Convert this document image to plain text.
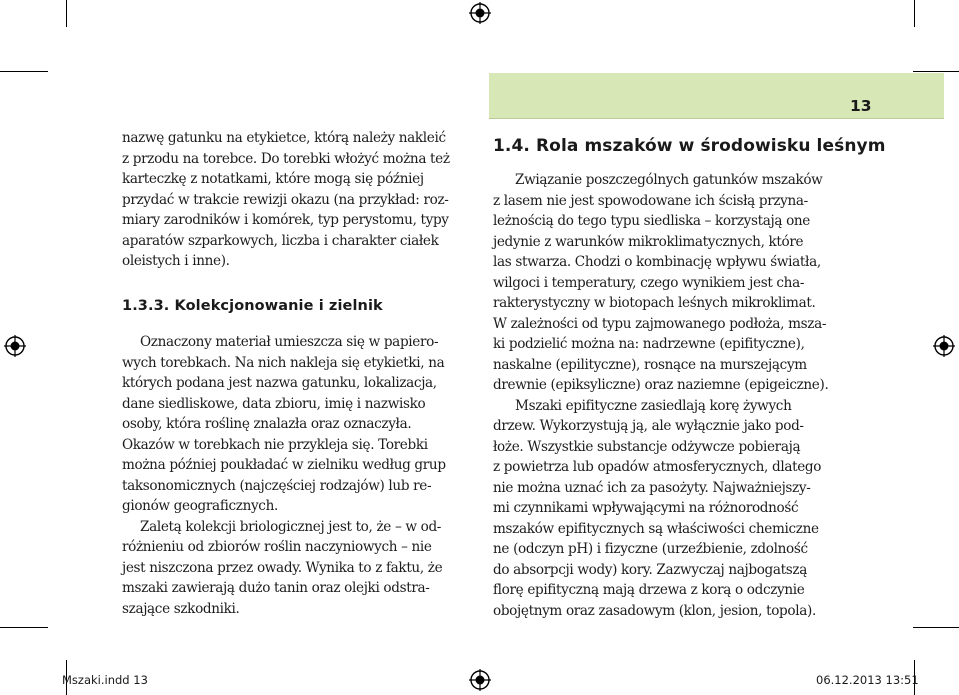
13

nazwę gatunku na etykietce, którą należy nakleić

z przodu na torebce. Do torebki włożyć można też

karteczkę z notatkami, które mogą się później

przydać w trakcie rewizji okazu (na przykład: roz-

miary zarodników i komórek, typ perystomu, typy

aparatów szparkowych, liczba i charakter ciałek

oleistych i inne).

1.3.3. Kolekcjonowanie i zielnik

Oznaczony materiał umieszcza się w papiero-

wych torebkach. Na nich nakleja się etykietki, na

których podana jest nazwa gatunku, lokalizacja,

dane siedliskowe, data zbioru, imię i nazwisko

osoby, która roślinę znalazła oraz oznaczyła.

Okazów w torebkach nie przykleja się. Torebki

można później poukładać w zielniku według grup

taksonomicznych (najczęściej rodzajów) lub re-

gionów geograficznych.

Zaletą kolekcji briologicznej jest to, że – w od-

różnieniu od zbiorów roślin naczyniowych – nie

jest niszczona przez owady. Wynika to z faktu, że

mszaki zawierają dużo tanin oraz olejki odstra-

szające szkodniki.

1.4. Rola mszaków w środowisku leśnym

Związanie poszczególnych gatunków mszaków

z lasem nie jest spowodowane ich ścisłą przyna-

leżnością do tego typu siedliska – korzystają one

jedynie z warunków mikroklimatycznych, które

las stwarza. Chodzi o kombinację wpływu światła,

wilgoci i temperatury, czego wynikiem jest cha-

rakterystyczny w biotopach leśnych mikroklimat.

W zależności od typu zajmowanego podłoża, msza-

ki podzielić można na: nadrzewne (epifityczne),

naskalne (epilityczne), rosnące na murszejącym

drewnie (epiksyliczne) oraz naziemne (epigeiczne).

Mszaki epifityczne zasiedlają korę żywych

drzew. Wykorzystują ją, ale wyłącznie jako pod-

łoże. Wszystkie substancje odżywcze pobierają

z powietrza lub opadów atmosferycznych, dlatego

nie można uznać ich za pasożyty. Najważniejszy-

mi czynnikami wpływającymi na różnorodność

mszaków epifitycznych są właściwości chemiczne

ne (odczyn pH) i fizyczne (urzeźbienie, zdolność

do absorpcji wody) kory. Zazwyczaj najbogatszą

florę epifityczną mają drzewa z korą o odczynie

obojętnym oraz zasadowym (klon, jesion, topola).

Mszaki.indd 13	06.12.2013 13:51
